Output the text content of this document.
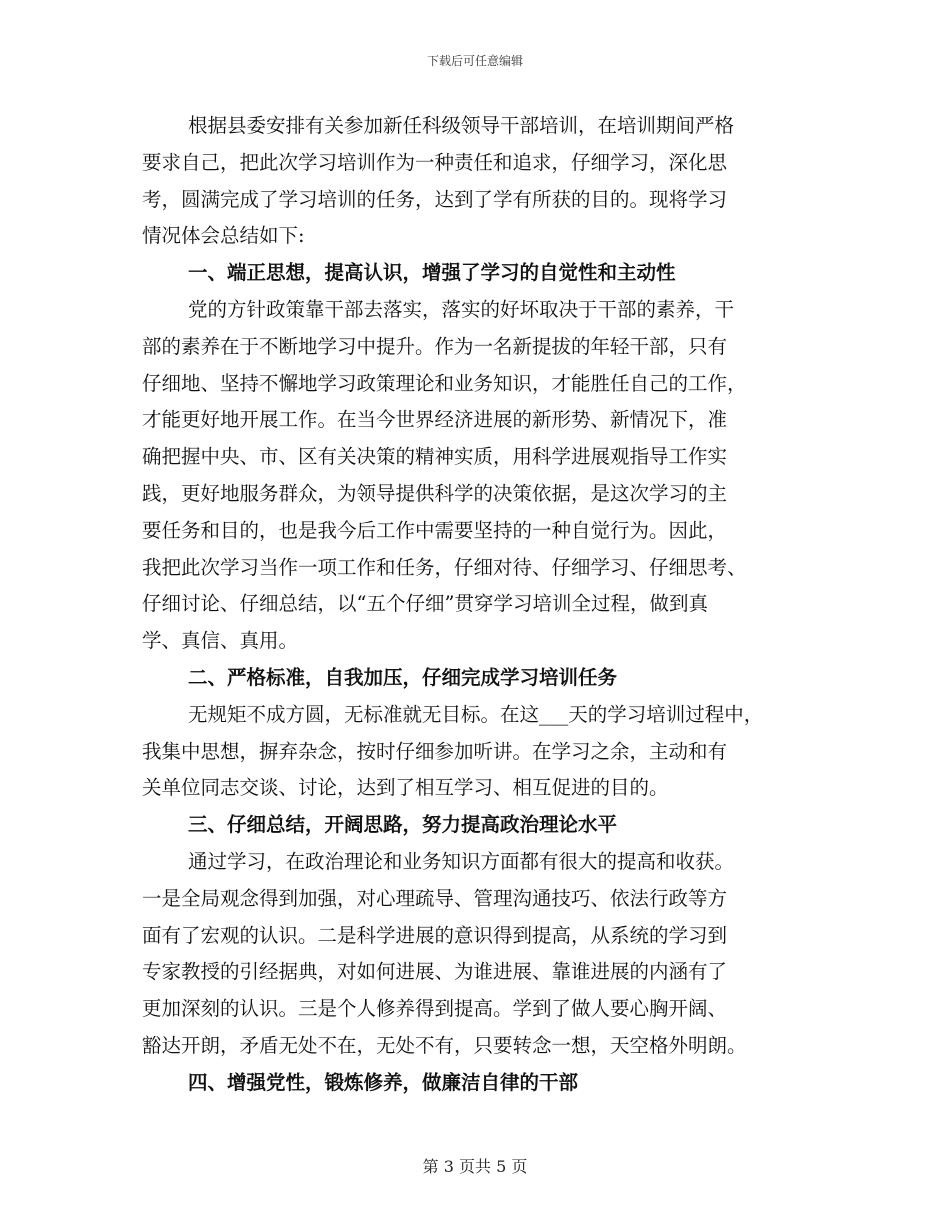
下载后可任意编辑
根据县委安排有关参加新任科级领导干部培训，在培训期间严格
要求自己，把此次学习培训作为一种责任和追求，仔细学习，深化思
考，圆满完成了学习培训的任务，达到了学有所获的目的。现将学习
情况体会总结如下:
一、端正思想，提高认识，增强了学习的自觉性和主动性
党的方针政策靠干部去落实，落实的好坏取决于干部的素养，干
部的素养在于不断地学习中提升。作为一名新提拔的年轻干部，只有
仔细地、坚持不懈地学习政策理论和业务知识，才能胜任自己的工作，
才能更好地开展工作。在当今世界经济进展的新形势、新情况下，准
确把握中央、市、区有关决策的精神实质，用科学进展观指导工作实
践，更好地服务群众，为领导提供科学的决策依据，是这次学习的主
要任务和目的，也是我今后工作中需要坚持的一种自觉行为。因此，
我把此次学习当作一项工作和任务，仔细对待、仔细学习、仔细思考、
仔细讨论、仔细总结，以“五个仔细”贯穿学习培训全过程，做到真
学、真信、真用。
二、严格标准，自我加压，仔细完成学习培训任务
无规矩不成方圆，无标准就无目标。在这___天的学习培训过程中，
我集中思想，摒弃杂念，按时仔细参加听讲。在学习之余，主动和有
关单位同志交谈、讨论，达到了相互学习、相互促进的目的。
三、仔细总结，开阔思路，努力提高政治理论水平
通过学习，在政治理论和业务知识方面都有很大的提高和收获。
一是全局观念得到加强，对心理疏导、管理沟通技巧、依法行政等方
面有了宏观的认识。二是科学进展的意识得到提高，从系统的学习到
专家教授的引经据典，对如何进展、为谁进展、靠谁进展的内涵有了
更加深刻的认识。三是个人修养得到提高。学到了做人要心胸开阔、
豁达开朗，矛盾无处不在，无处不有，只要转念一想，天空格外明朗。
四、增强党性，锻炼修养，做廉洁自律的干部
第 3 页共 5 页
